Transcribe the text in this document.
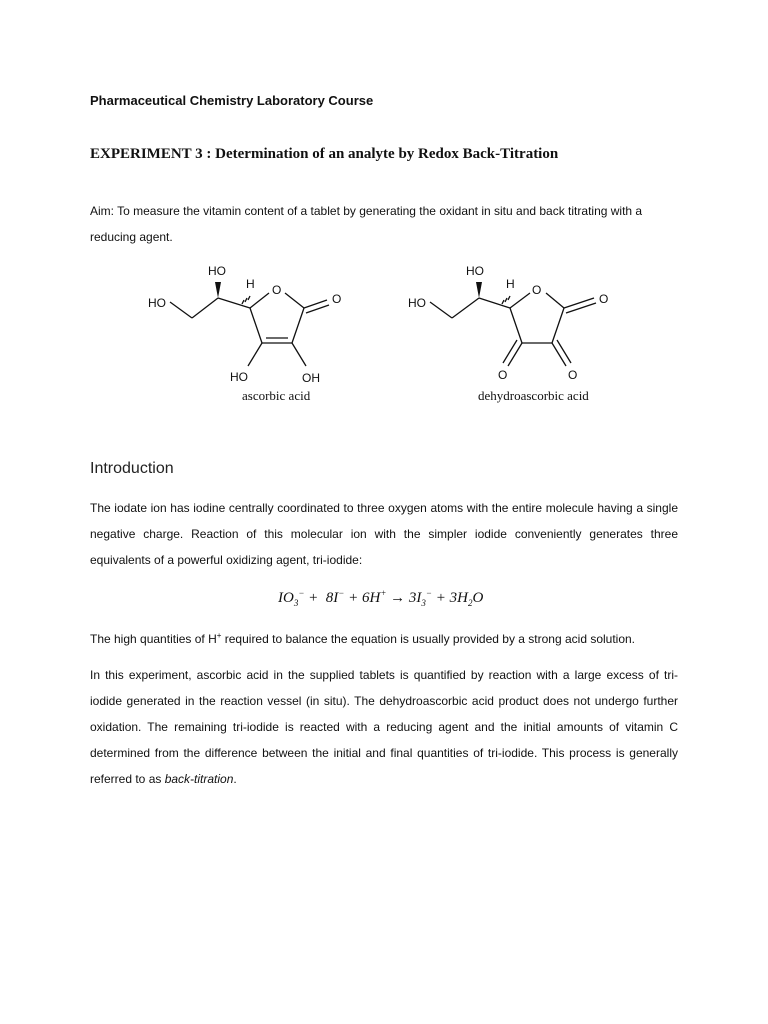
Pharmaceutical Chemistry Laboratory Course
EXPERIMENT 3 : Determination of an analyte by Redox Back-Titration
Aim: To measure the vitamin content of a tablet by generating the oxidant in situ and back titrating with a reducing agent.
HO
H
HO
O
O
HO	OH
ascorbic acid
HO
H
HO
O
O
O	O
dehydroascorbic acid
Introduction
The iodate ion has iodine centrally coordinated to three oxygen atoms with the entire molecule having a single negative charge. Reaction of this molecular ion with the simpler iodide conveniently generates three equivalents of a powerful oxidizing agent, tri-iodide:
$IO_3^- + 8I^- + 6H^+ \to 3I_3^- + 3H_2O$
The high quantities of H+ required to balance the equation is usually provided by a strong acid solution.
In this experiment, ascorbic acid in the supplied tablets is quantified by reaction with a large excess of tri-iodide generated in the reaction vessel (in situ). The dehydroascorbic acid product does not undergo further oxidation. The remaining tri-iodide is reacted with a reducing agent and the initial amounts of vitamin C determined from the difference between the initial and final quantities of tri-iodide. This process is generally referred to as back-titration.
